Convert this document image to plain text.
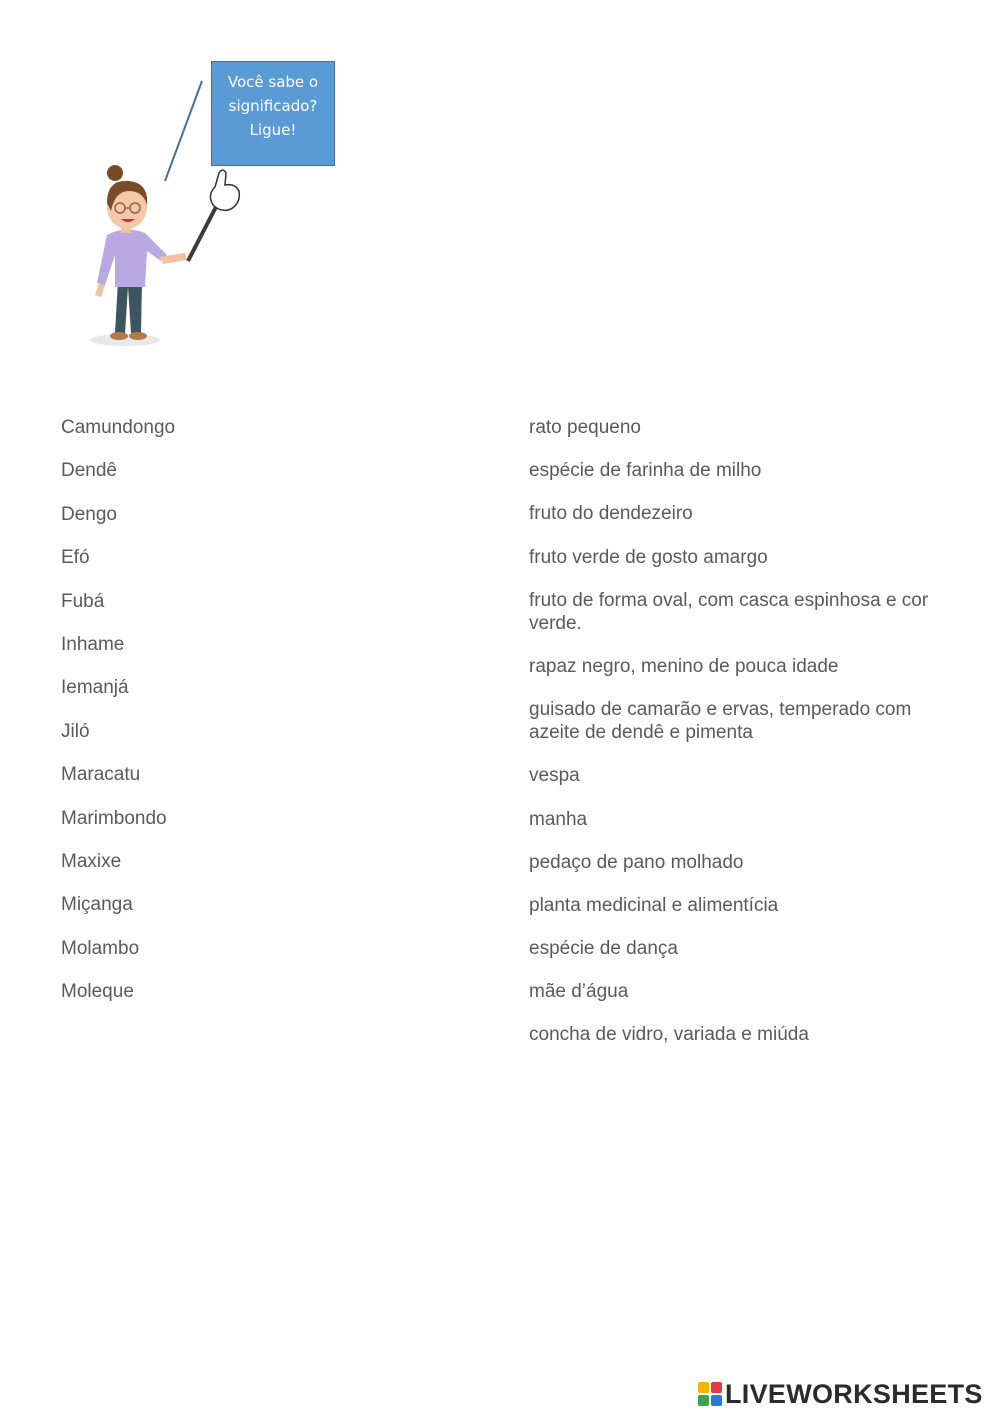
Você sabe o
significado?
Ligue!
Camundongo
Dendê
Dengo
Efó
Fubá
Inhame
Iemanjá
Jiló
Maracatu
Marimbondo
Maxixe
Miçanga
Molambo
Moleque
rato pequeno
espécie de farinha de milho
fruto do dendezeiro
fruto verde de gosto amargo
fruto de forma oval, com casca espinhosa e cor verde.
rapaz negro, menino de pouca idade
guisado de camarão e ervas, temperado com azeite de dendê e pimenta
vespa
manha
pedaço de pano molhado
planta medicinal e alimentícia
espécie de dança
mãe d’água
concha de vidro, variada e miúda
LIVEWORKSHEETS
